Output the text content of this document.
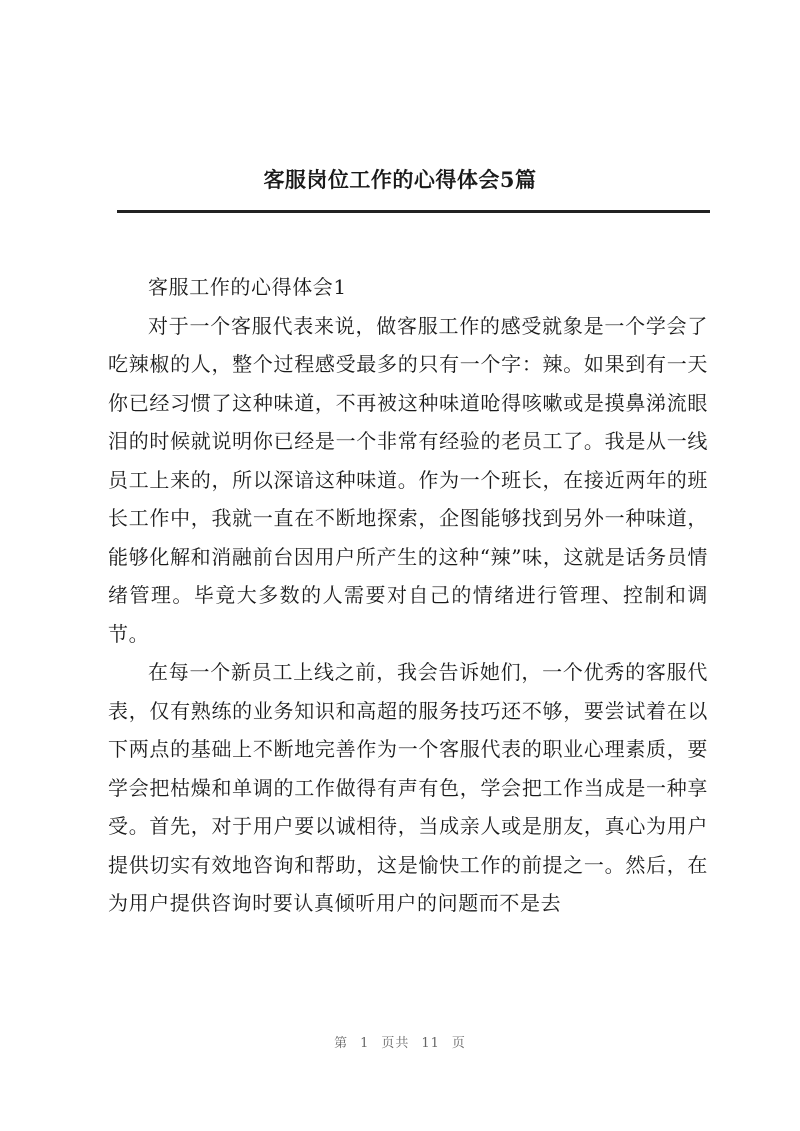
客服岗位工作的心得体会5篇

客服工作的心得体会1

对于一个客服代表来说，做客服工作的感受就象是一个学会了吃辣椒的人，整个过程感受最多的只有一个字：辣。如果到有一天你已经习惯了这种味道，不再被这种味道呛得咳嗽或是摸鼻涕流眼泪的时候就说明你已经是一个非常有经验的老员工了。我是从一线员工上来的，所以深谙这种味道。作为一个班长，在接近两年的班长工作中，我就一直在不断地探索，企图能够找到另外一种味道，能够化解和消融前台因用户所产生的这种“辣”味，这就是话务员情绪管理。毕竟大多数的人需要对自己的情绪进行管理、控制和调节。

在每一个新员工上线之前，我会告诉她们，一个优秀的客服代表，仅有熟练的业务知识和高超的服务技巧还不够，要尝试着在以下两点的基础上不断地完善作为一个客服代表的职业心理素质，要学会把枯燥和单调的工作做得有声有色，学会把工作当成是一种享受。首先，对于用户要以诚相待，当成亲人或是朋友，真心为用户提供切实有效地咨询和帮助，这是愉快工作的前提之一。然后，在为用户提供咨询时要认真倾听用户的问题而不是去

第 1 页共 11 页
